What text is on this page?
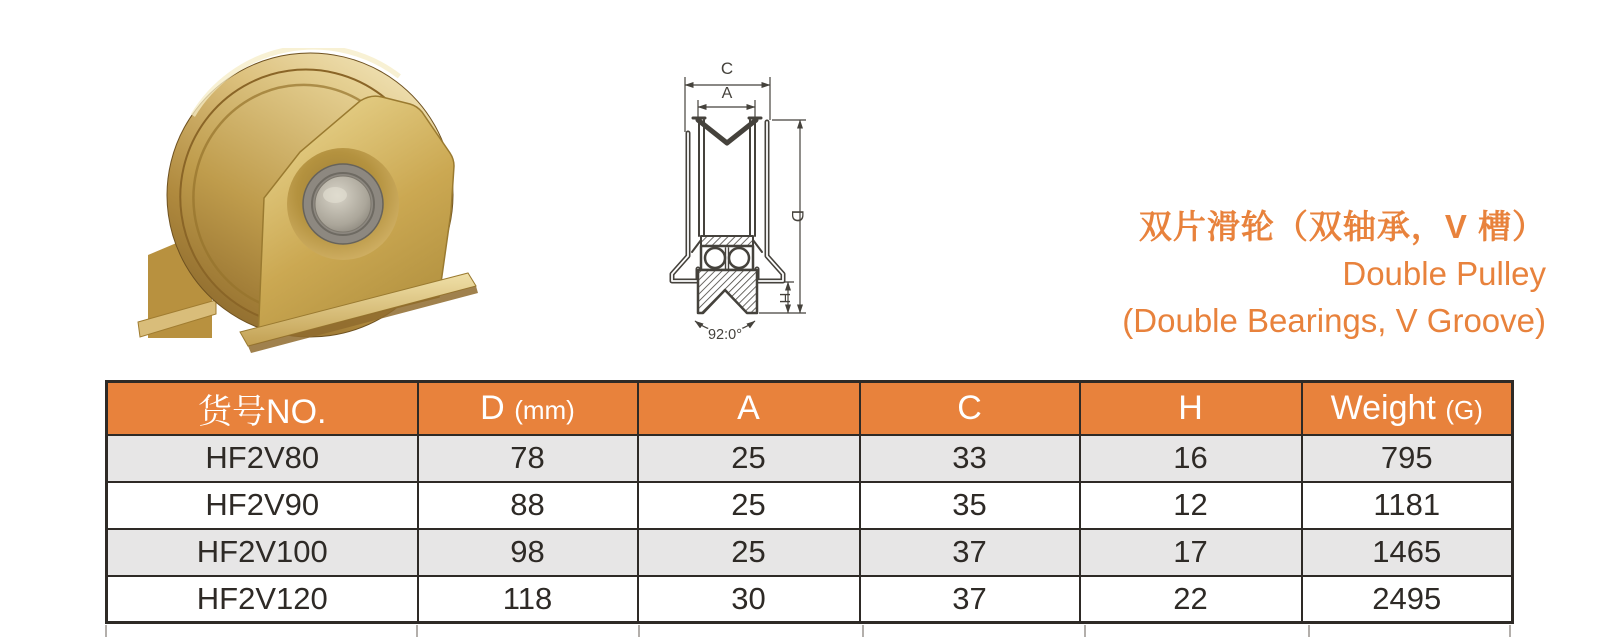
C
A
D
H
92.0°
双片滑轮（双轴承，V 槽）
Double Pulley
(Double Bearings, V Groove)
货号NO.	D (mm)	A	C	H	Weight (G)
HF2V80	78	25	33	16	795
HF2V90	88	25	35	12	1181
HF2V100	98	25	37	17	1465
HF2V120	118	30	37	22	2495
